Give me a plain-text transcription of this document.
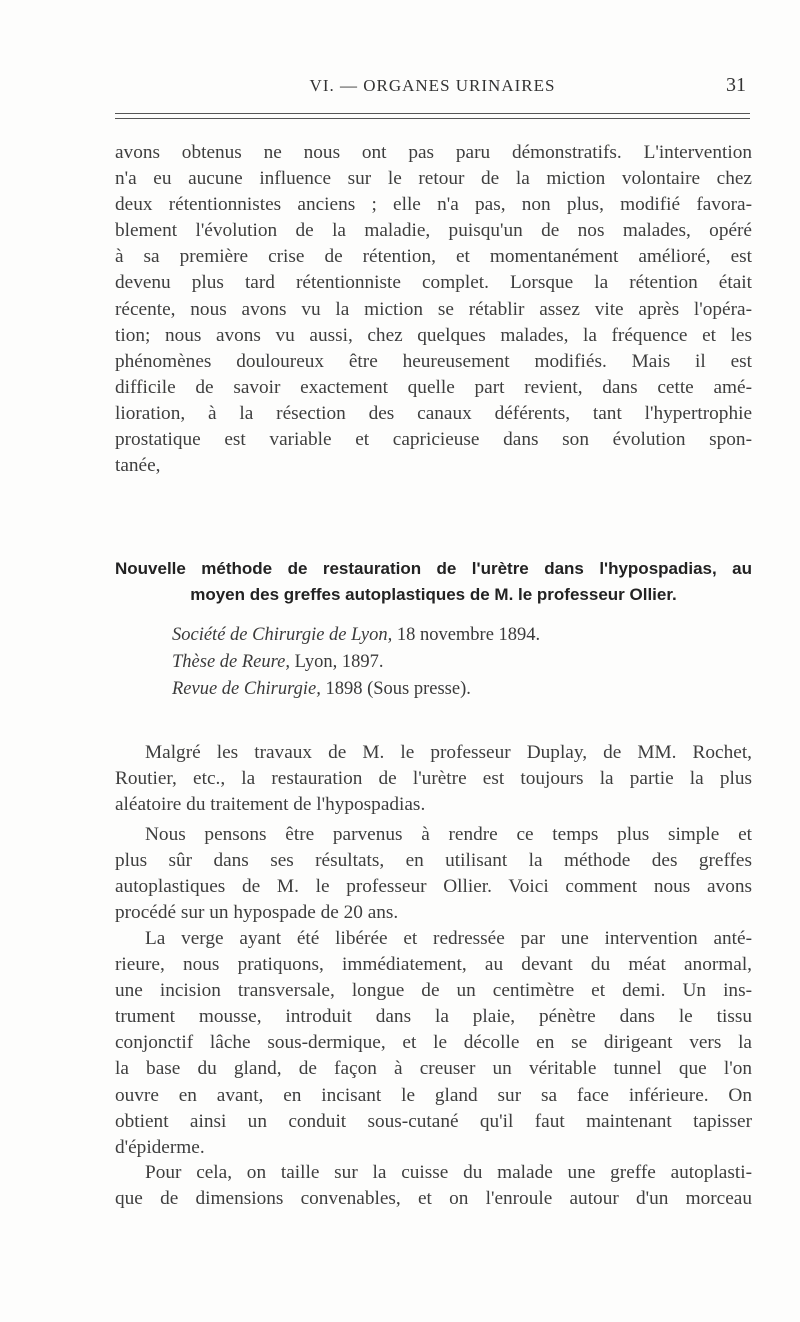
VI. — ORGANES URINAIRES	31
avons obtenus ne nous ont pas paru démonstratifs. L'intervention
n'a eu aucune influence sur le retour de la miction volontaire chez
deux rétentionnistes anciens ; elle n'a pas, non plus, modifié favora-
blement l'évolution de la maladie, puisqu'un de nos malades, opéré
à sa première crise de rétention, et momentanément amélioré, est
devenu plus tard rétentionniste complet. Lorsque la rétention était
récente, nous avons vu la miction se rétablir assez vite après l'opéra-
tion; nous avons vu aussi, chez quelques malades, la fréquence et les
phénomènes douloureux être heureusement modifiés. Mais il est
difficile de savoir exactement quelle part revient, dans cette amé-
lioration, à la résection des canaux déférents, tant l'hypertrophie
prostatique est variable et capricieuse dans son évolution spon-
tanée,
Nouvelle méthode de restauration de l'urètre dans l'hypospadias, au
moyen des greffes autoplastiques de M. le professeur Ollier.
Société de Chirurgie de Lyon, 18 novembre 1894.
Thèse de Reure, Lyon, 1897.
Revue de Chirurgie, 1898 (Sous presse).
Malgré les travaux de M. le professeur Duplay, de MM. Rochet,
Routier, etc., la restauration de l'urètre est toujours la partie la plus
aléatoire du traitement de l'hypospadias.
Nous pensons être parvenus à rendre ce temps plus simple et
plus sûr dans ses résultats, en utilisant la méthode des greffes
autoplastiques de M. le professeur Ollier. Voici comment nous avons
procédé sur un hypospade de 20 ans.
La verge ayant été libérée et redressée par une intervention anté-
rieure, nous pratiquons, immédiatement, au devant du méat anormal,
une incision transversale, longue de un centimètre et demi. Un ins-
trument mousse, introduit dans la plaie, pénètre dans le tissu
conjonctif lâche sous-dermique, et le décolle en se dirigeant vers la
la base du gland, de façon à creuser un véritable tunnel que l'on
ouvre en avant, en incisant le gland sur sa face inférieure. On
obtient ainsi un conduit sous-cutané qu'il faut maintenant tapisser
d'épiderme.
Pour cela, on taille sur la cuisse du malade une greffe autoplasti-
que de dimensions convenables, et on l'enroule autour d'un morceau
